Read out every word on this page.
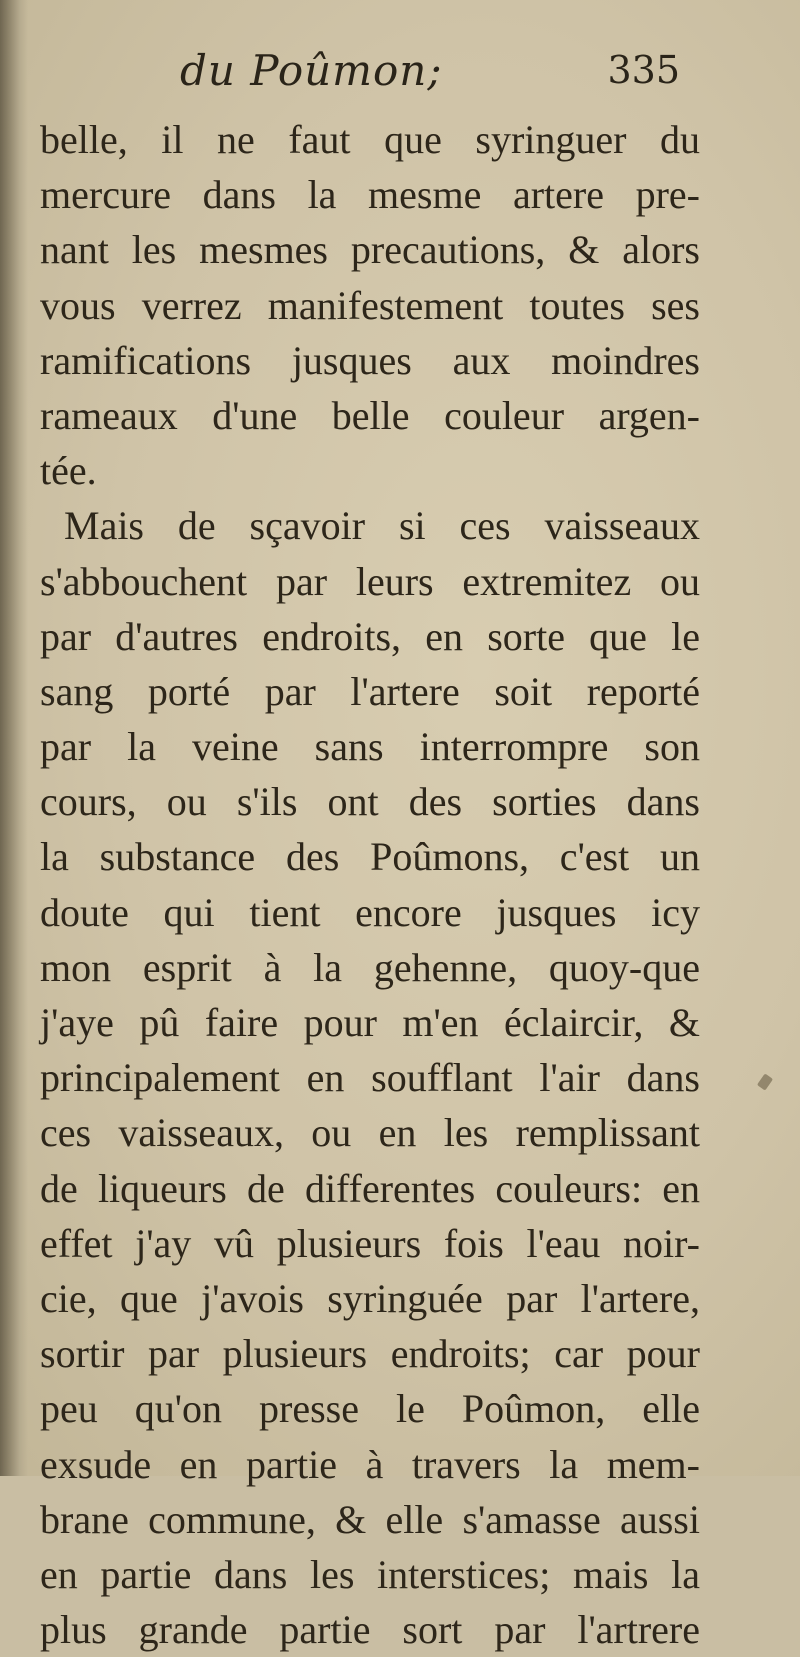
du Poûmon;	335
belle, il ne faut que syringuer du
mercure dans la mesme artere pre-
nant les mesmes precautions, & alors
vous verrez manifestement toutes ses
ramifications jusques aux moindres
rameaux d'une belle couleur argen-
tée.
Mais de sçavoir si ces vaisseaux
s'abbouchent par leurs extremitez ou
par d'autres endroits, en sorte que le
sang porté par l'artere soit reporté
par la veine sans interrompre son
cours, ou s'ils ont des sorties dans
la substance des Poûmons, c'est un
doute qui tient encore jusques icy
mon esprit à la gehenne, quoy-que
j'aye pû faire pour m'en éclaircir, &
principalement en soufflant l'air dans
ces vaisseaux, ou en les remplissant
de liqueurs de differentes couleurs: en
effet j'ay vû plusieurs fois l'eau noir-
cie, que j'avois syringuée par l'artere,
sortir par plusieurs endroits; car pour
peu qu'on presse le Poûmon, elle
exsude en partie à travers la mem-
brane commune, & elle s'amasse aussi
en partie dans les interstices; mais la
plus grande partie sort par l'artrere
